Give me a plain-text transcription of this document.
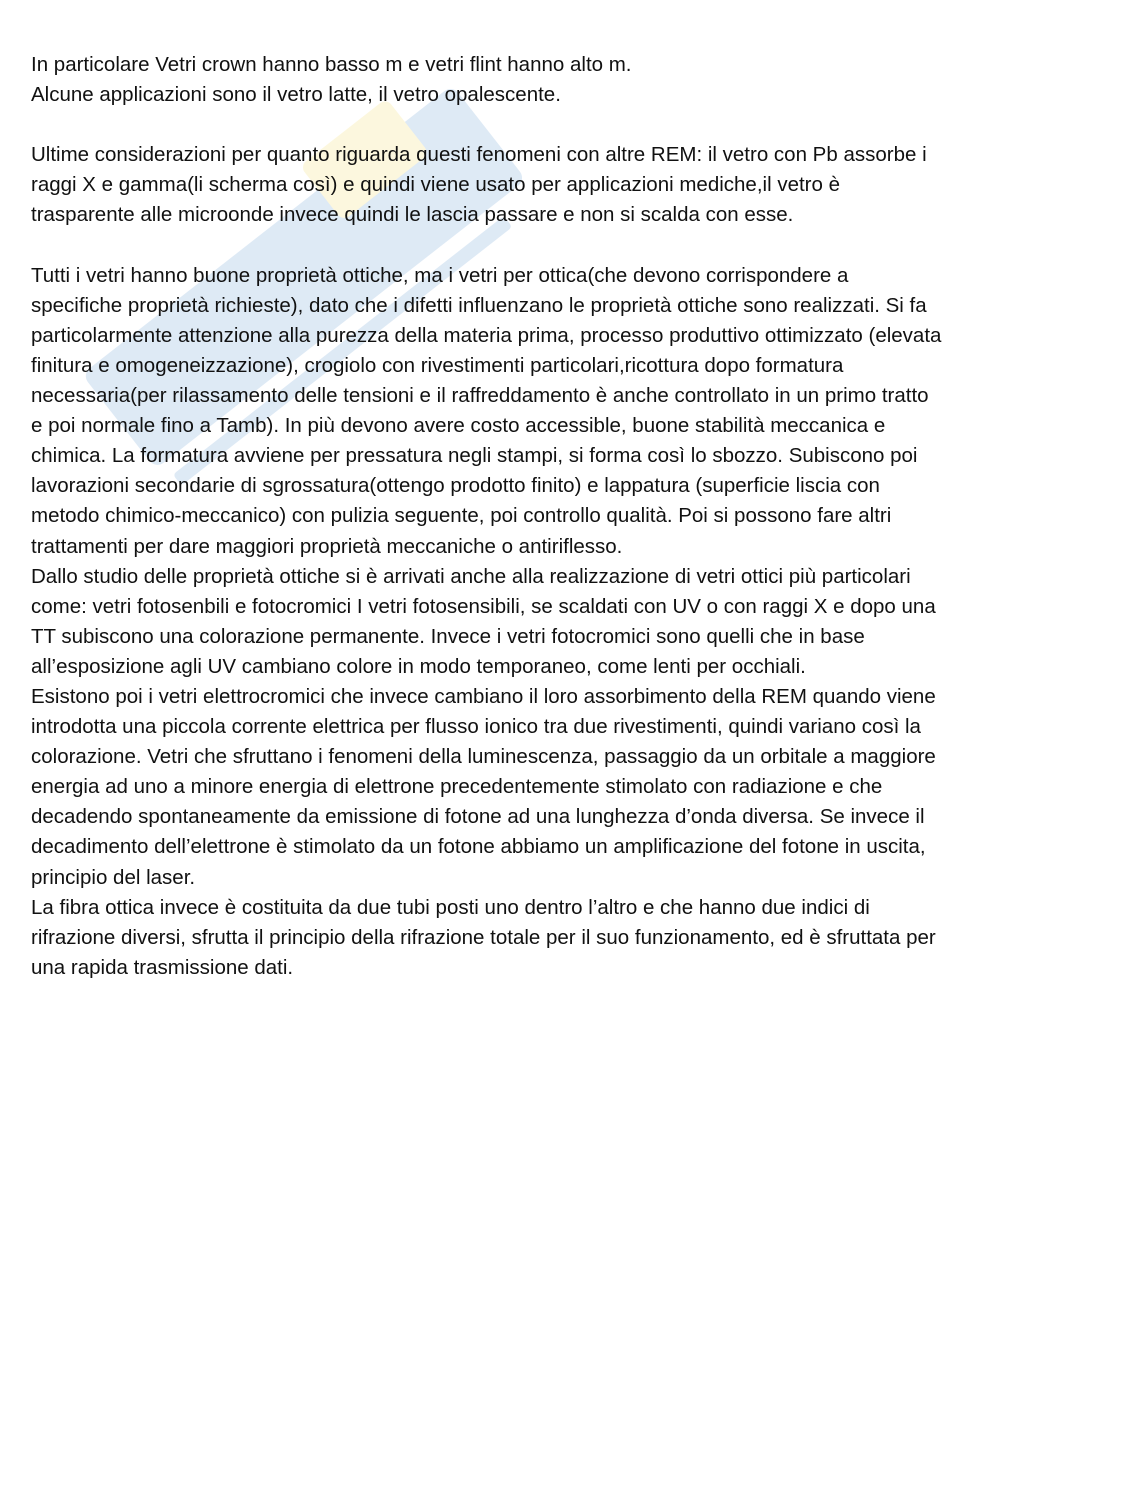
In particolare Vetri crown hanno basso m e vetri flint hanno alto m.
Alcune applicazioni sono il vetro latte, il vetro opalescente.

Ultime considerazioni per quanto riguarda questi fenomeni con altre REM: il vetro con Pb assorbe i
raggi X e gamma(li scherma così) e quindi viene usato per applicazioni mediche,il vetro è
trasparente alle microonde invece quindi le lascia passare e non si scalda con esse.

Tutti i vetri hanno buone proprietà ottiche, ma i vetri per ottica(che devono corrispondere a
specifiche proprietà richieste), dato che i difetti influenzano le proprietà ottiche sono realizzati. Si fa
particolarmente attenzione alla purezza della materia prima, processo produttivo ottimizzato (elevata
finitura e omogeneizzazione), crogiolo con rivestimenti particolari,ricottura dopo formatura
necessaria(per rilassamento delle tensioni e il raffreddamento è anche controllato in un primo tratto
e poi normale fino a Tamb). In più devono avere costo accessible, buone stabilità meccanica e
chimica. La formatura avviene per pressatura negli stampi, si forma così lo sbozzo. Subiscono poi
lavorazioni secondarie di sgrossatura(ottengo prodotto finito) e lappatura (superficie liscia con
metodo chimico-meccanico) con pulizia seguente, poi controllo qualità. Poi si possono fare altri
trattamenti per dare maggiori proprietà meccaniche o antiriflesso.
Dallo studio delle proprietà ottiche si è arrivati anche alla realizzazione di vetri ottici più particolari
come: vetri fotosenbili e fotocromici I vetri fotosensibili, se scaldati con UV o con raggi X e dopo una
TT subiscono una colorazione permanente. Invece i vetri fotocromici sono quelli che in base
all’esposizione agli UV cambiano colore in modo temporaneo, come lenti per occhiali.
Esistono poi i vetri elettrocromici che invece cambiano il loro assorbimento della REM quando viene
introdotta una piccola corrente elettrica per flusso ionico tra due rivestimenti, quindi variano così la
colorazione. Vetri che sfruttano i fenomeni della luminescenza, passaggio da un orbitale a maggiore
energia ad uno a minore energia di elettrone precedentemente stimolato con radiazione e che
decadendo spontaneamente da emissione di fotone ad una lunghezza d’onda diversa. Se invece il
decadimento dell’elettrone è stimolato da un fotone abbiamo un amplificazione del fotone in uscita,
principio del laser.
La fibra ottica invece è costituita da due tubi posti uno dentro l’altro e che hanno due indici di
rifrazione diversi, sfrutta il principio della rifrazione totale per il suo funzionamento, ed è sfruttata per
una rapida trasmissione dati.
